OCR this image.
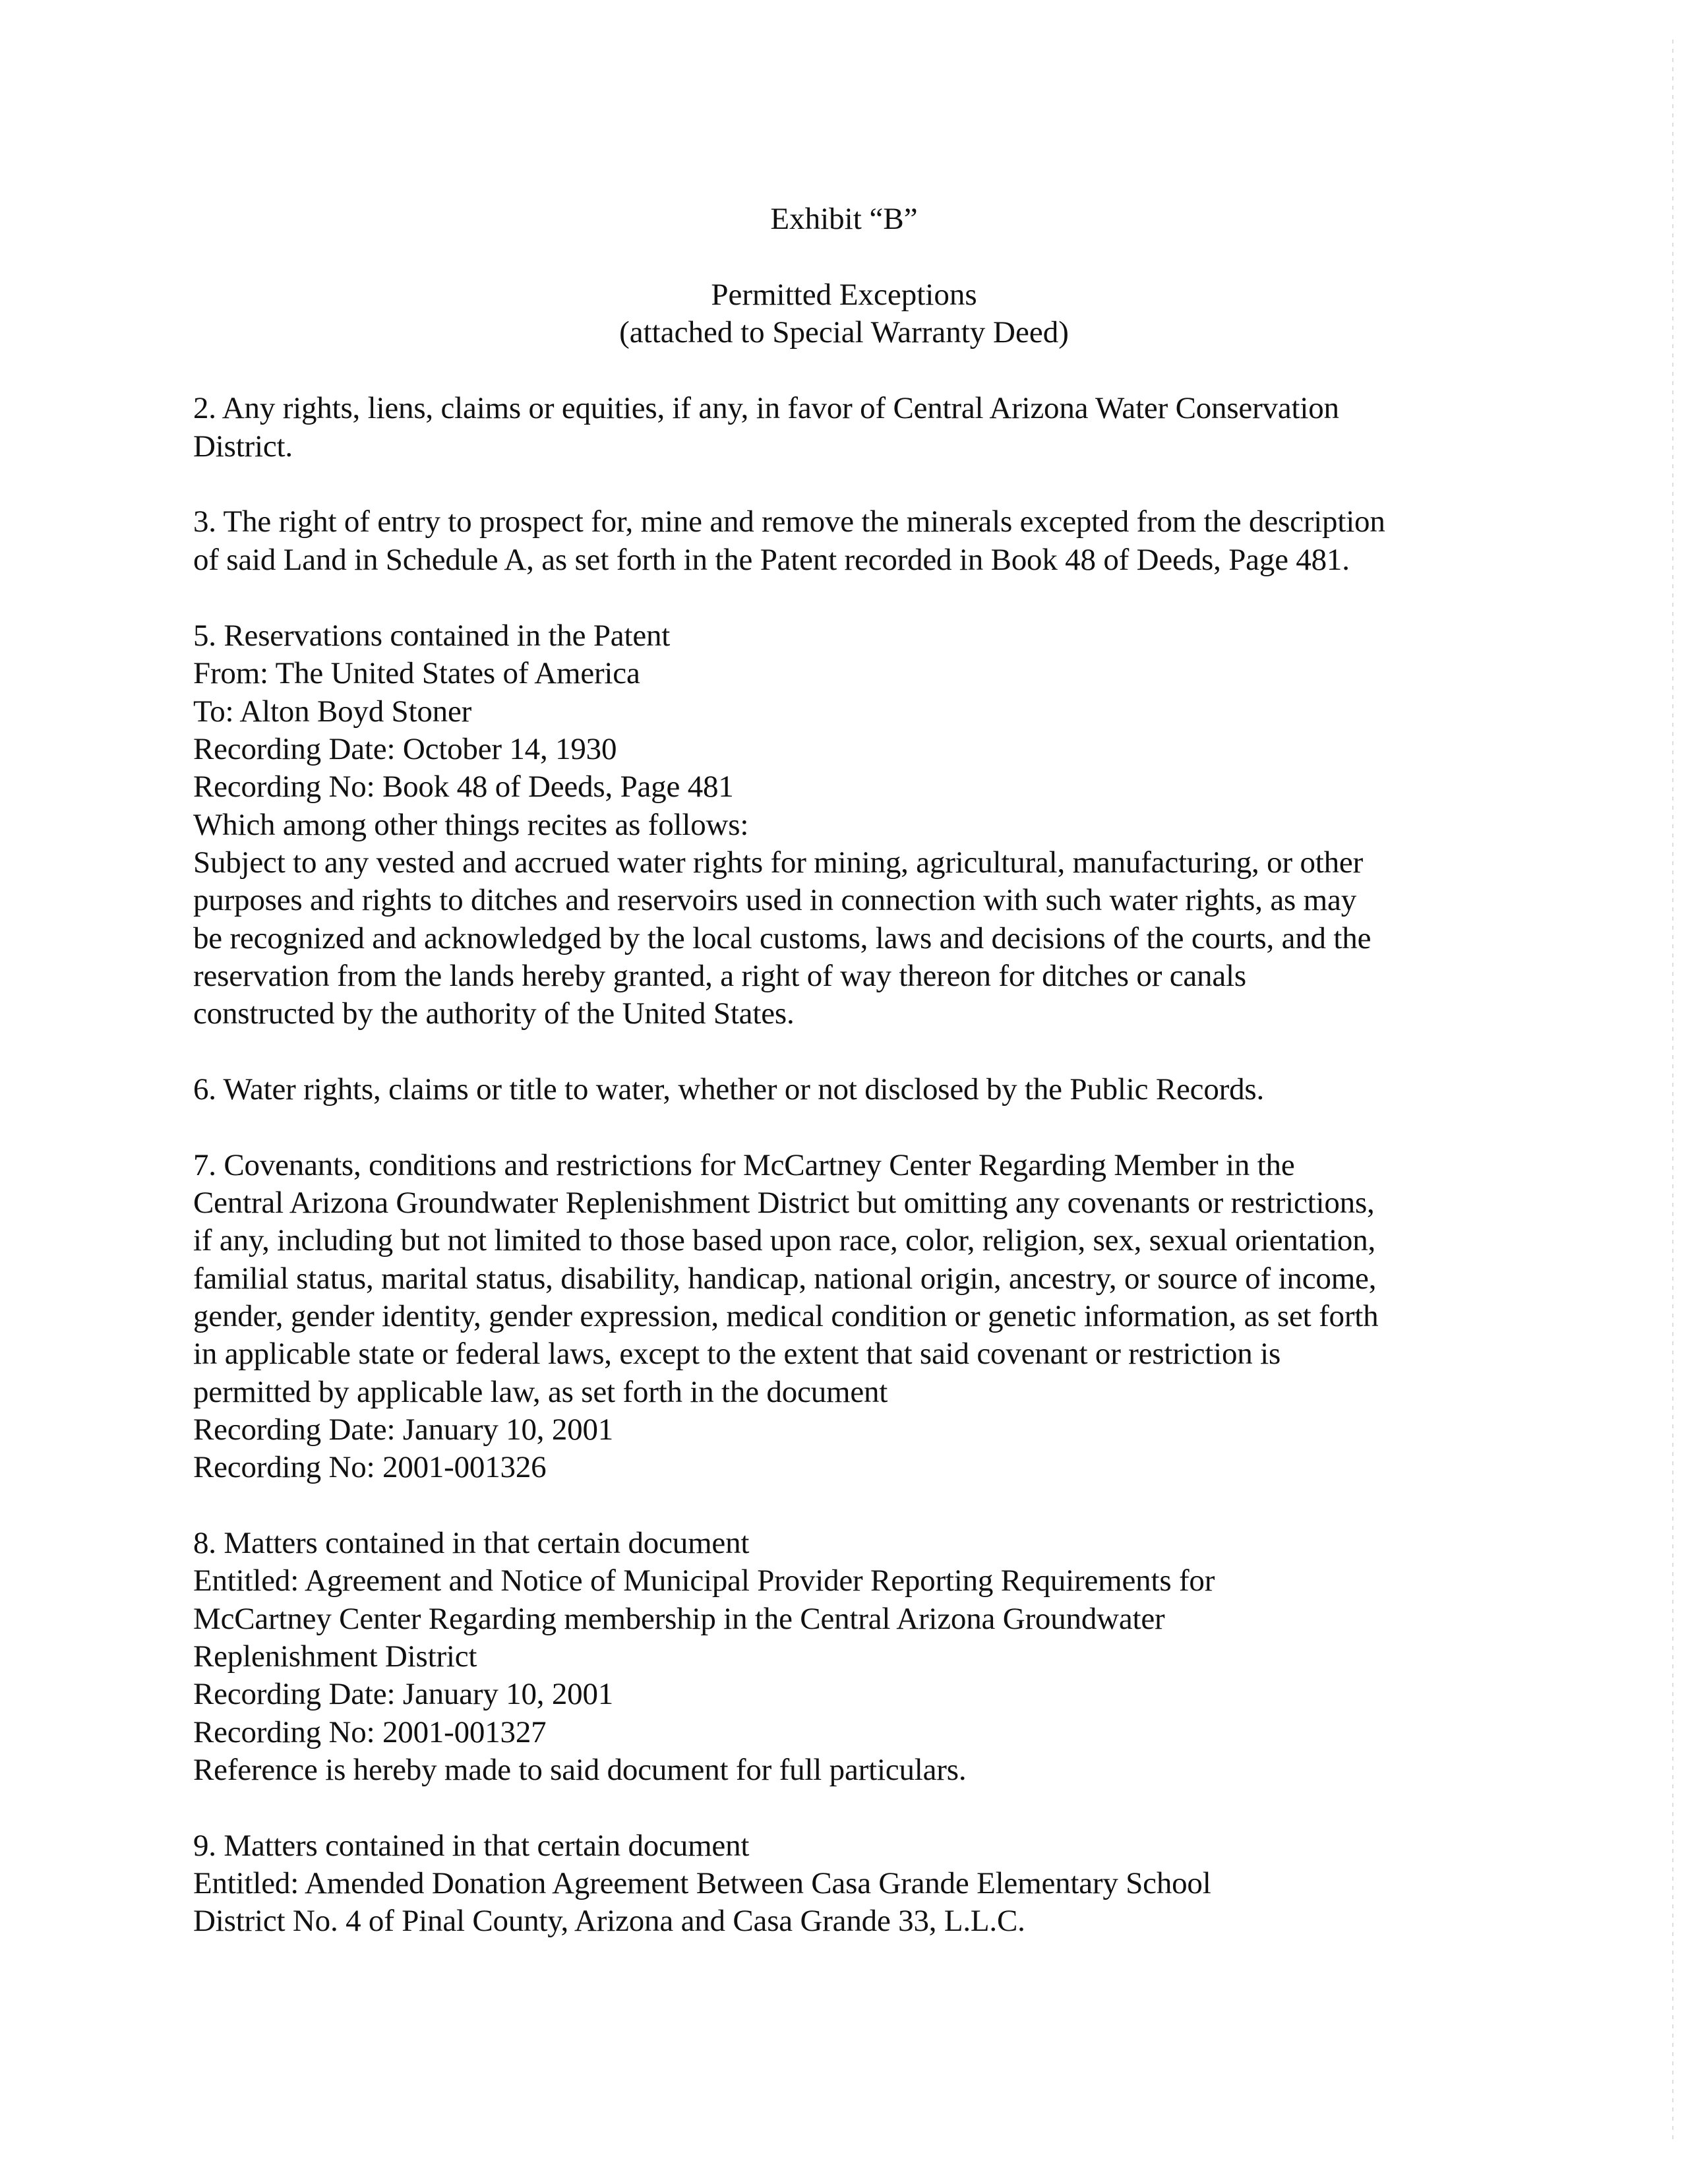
Exhibit “B”
Permitted Exceptions
(attached to Special Warranty Deed)
2. Any rights, liens, claims or equities, if any, in favor of Central Arizona Water Conservation
District.
3. The right of entry to prospect for, mine and remove the minerals excepted from the description
of said Land in Schedule A, as set forth in the Patent recorded in Book 48 of Deeds, Page 481.
5. Reservations contained in the Patent
From: The United States of America
To: Alton Boyd Stoner
Recording Date: October 14, 1930
Recording No: Book 48 of Deeds, Page 481
Which among other things recites as follows:
Subject to any vested and accrued water rights for mining, agricultural, manufacturing, or other
purposes and rights to ditches and reservoirs used in connection with such water rights, as may
be recognized and acknowledged by the local customs, laws and decisions of the courts, and the
reservation from the lands hereby granted, a right of way thereon for ditches or canals
constructed by the authority of the United States.
6. Water rights, claims or title to water, whether or not disclosed by the Public Records.
7. Covenants, conditions and restrictions for McCartney Center Regarding Member in the
Central Arizona Groundwater Replenishment District but omitting any covenants or restrictions,
if any, including but not limited to those based upon race, color, religion, sex, sexual orientation,
familial status, marital status, disability, handicap, national origin, ancestry, or source of income,
gender, gender identity, gender expression, medical condition or genetic information, as set forth
in applicable state or federal laws, except to the extent that said covenant or restriction is
permitted by applicable law, as set forth in the document
Recording Date: January 10, 2001
Recording No: 2001-001326
8. Matters contained in that certain document
Entitled: Agreement and Notice of Municipal Provider Reporting Requirements for
McCartney Center Regarding membership in the Central Arizona Groundwater
Replenishment District
Recording Date: January 10, 2001
Recording No: 2001-001327
Reference is hereby made to said document for full particulars.
9. Matters contained in that certain document
Entitled: Amended Donation Agreement Between Casa Grande Elementary School
District No. 4 of Pinal County, Arizona and Casa Grande 33, L.L.C.
